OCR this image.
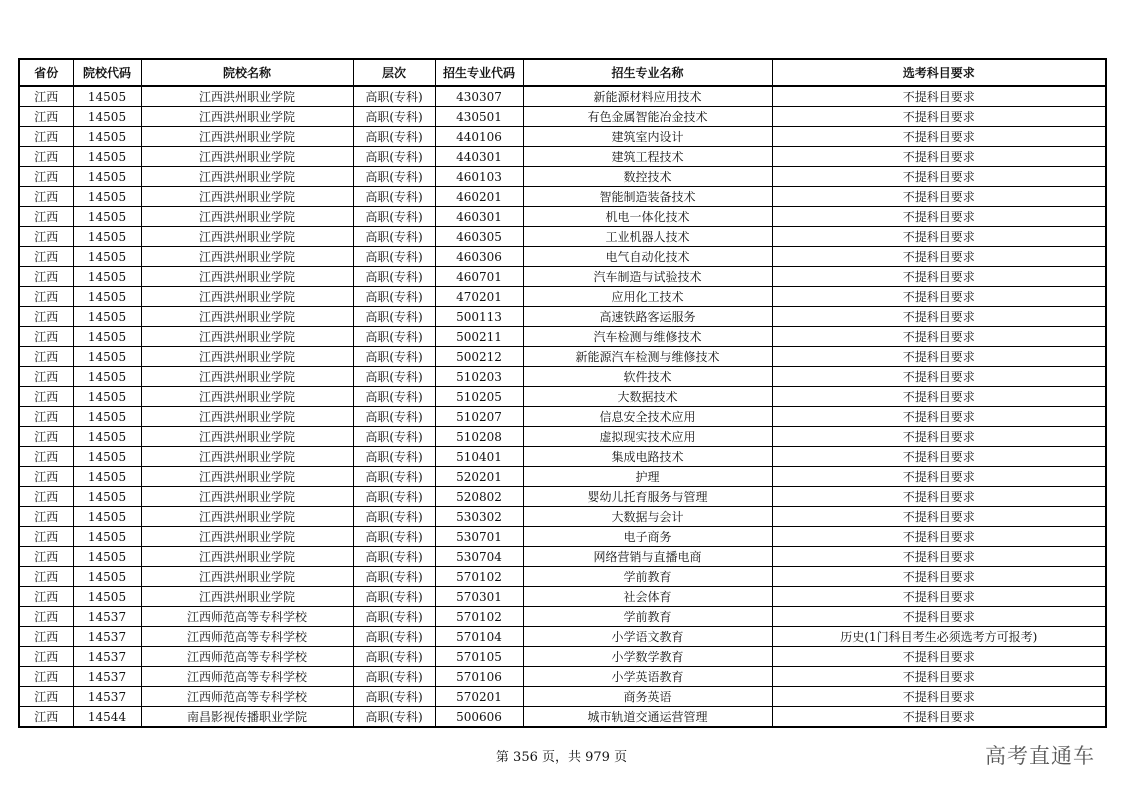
省份	院校代码	院校名称	层次	招生专业代码	招生专业名称	选考科目要求
江西	14505	江西洪州职业学院	高职(专科)	430307	新能源材料应用技术	不提科目要求
江西	14505	江西洪州职业学院	高职(专科)	430501	有色金属智能冶金技术	不提科目要求
江西	14505	江西洪州职业学院	高职(专科)	440106	建筑室内设计	不提科目要求
江西	14505	江西洪州职业学院	高职(专科)	440301	建筑工程技术	不提科目要求
江西	14505	江西洪州职业学院	高职(专科)	460103	数控技术	不提科目要求
江西	14505	江西洪州职业学院	高职(专科)	460201	智能制造装备技术	不提科目要求
江西	14505	江西洪州职业学院	高职(专科)	460301	机电一体化技术	不提科目要求
江西	14505	江西洪州职业学院	高职(专科)	460305	工业机器人技术	不提科目要求
江西	14505	江西洪州职业学院	高职(专科)	460306	电气自动化技术	不提科目要求
江西	14505	江西洪州职业学院	高职(专科)	460701	汽车制造与试验技术	不提科目要求
江西	14505	江西洪州职业学院	高职(专科)	470201	应用化工技术	不提科目要求
江西	14505	江西洪州职业学院	高职(专科)	500113	高速铁路客运服务	不提科目要求
江西	14505	江西洪州职业学院	高职(专科)	500211	汽车检测与维修技术	不提科目要求
江西	14505	江西洪州职业学院	高职(专科)	500212	新能源汽车检测与维修技术	不提科目要求
江西	14505	江西洪州职业学院	高职(专科)	510203	软件技术	不提科目要求
江西	14505	江西洪州职业学院	高职(专科)	510205	大数据技术	不提科目要求
江西	14505	江西洪州职业学院	高职(专科)	510207	信息安全技术应用	不提科目要求
江西	14505	江西洪州职业学院	高职(专科)	510208	虚拟现实技术应用	不提科目要求
江西	14505	江西洪州职业学院	高职(专科)	510401	集成电路技术	不提科目要求
江西	14505	江西洪州职业学院	高职(专科)	520201	护理	不提科目要求
江西	14505	江西洪州职业学院	高职(专科)	520802	婴幼儿托育服务与管理	不提科目要求
江西	14505	江西洪州职业学院	高职(专科)	530302	大数据与会计	不提科目要求
江西	14505	江西洪州职业学院	高职(专科)	530701	电子商务	不提科目要求
江西	14505	江西洪州职业学院	高职(专科)	530704	网络营销与直播电商	不提科目要求
江西	14505	江西洪州职业学院	高职(专科)	570102	学前教育	不提科目要求
江西	14505	江西洪州职业学院	高职(专科)	570301	社会体育	不提科目要求
江西	14537	江西师范高等专科学校	高职(专科)	570102	学前教育	不提科目要求
江西	14537	江西师范高等专科学校	高职(专科)	570104	小学语文教育	历史(1门科目考生必须选考方可报考)
江西	14537	江西师范高等专科学校	高职(专科)	570105	小学数学教育	不提科目要求
江西	14537	江西师范高等专科学校	高职(专科)	570106	小学英语教育	不提科目要求
江西	14537	江西师范高等专科学校	高职(专科)	570201	商务英语	不提科目要求
江西	14544	南昌影视传播职业学院	高职(专科)	500606	城市轨道交通运营管理	不提科目要求
第 356 页，共 979 页	高考直通车
